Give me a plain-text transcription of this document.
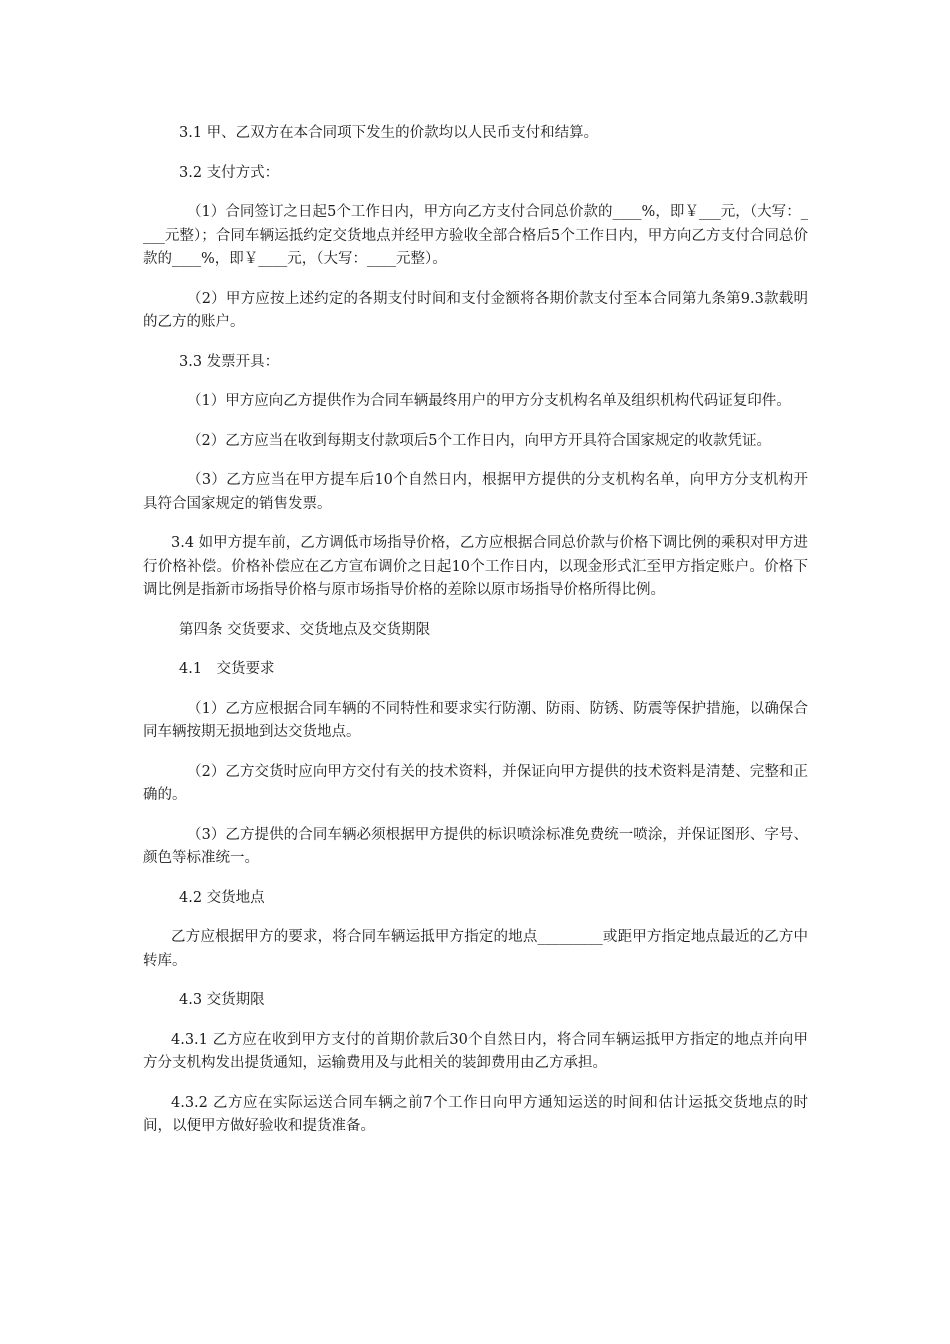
3.1 甲、乙双方在本合同项下发生的价款均以人民币支付和结算。

3.2 支付方式：

（1）合同签订之日起5个工作日内，甲方向乙方支付合同总价款的____%，即￥___元，（大写：____元整）；合同车辆运抵约定交货地点并经甲方验收全部合格后5个工作日内，甲方向乙方支付合同总价款的____%，即￥____元，（大写：____元整）。

（2）甲方应按上述约定的各期支付时间和支付金额将各期价款支付至本合同第九条第9.3款载明的乙方的账户。

3.3 发票开具：

（1）甲方应向乙方提供作为合同车辆最终用户的甲方分支机构名单及组织机构代码证复印件。

（2）乙方应当在收到每期支付款项后5个工作日内，向甲方开具符合国家规定的收款凭证。

（3）乙方应当在甲方提车后10个自然日内，根据甲方提供的分支机构名单，向甲方分支机构开具符合国家规定的销售发票。

3.4 如甲方提车前，乙方调低市场指导价格，乙方应根据合同总价款与价格下调比例的乘积对甲方进行价格补偿。价格补偿应在乙方宣布调价之日起10个工作日内，以现金形式汇至甲方指定账户。价格下调比例是指新市场指导价格与原市场指导价格的差除以原市场指导价格所得比例。

第四条 交货要求、交货地点及交货期限

4.1　交货要求

（1）乙方应根据合同车辆的不同特性和要求实行防潮、防雨、防锈、防震等保护措施，以确保合同车辆按期无损地到达交货地点。

（2）乙方交货时应向甲方交付有关的技术资料，并保证向甲方提供的技术资料是清楚、完整和正确的。

（3）乙方提供的合同车辆必须根据甲方提供的标识喷涂标准免费统一喷涂，并保证图形、字号、颜色等标准统一。

4.2 交货地点

乙方应根据甲方的要求，将合同车辆运抵甲方指定的地点_________或距甲方指定地点最近的乙方中转库。

4.3 交货期限

4.3.1 乙方应在收到甲方支付的首期价款后30个自然日内，将合同车辆运抵甲方指定的地点并向甲方分支机构发出提货通知，运输费用及与此相关的装卸费用由乙方承担。

4.3.2 乙方应在实际运送合同车辆之前7个工作日向甲方通知运送的时间和估计运抵交货地点的时间，以便甲方做好验收和提货准备。
